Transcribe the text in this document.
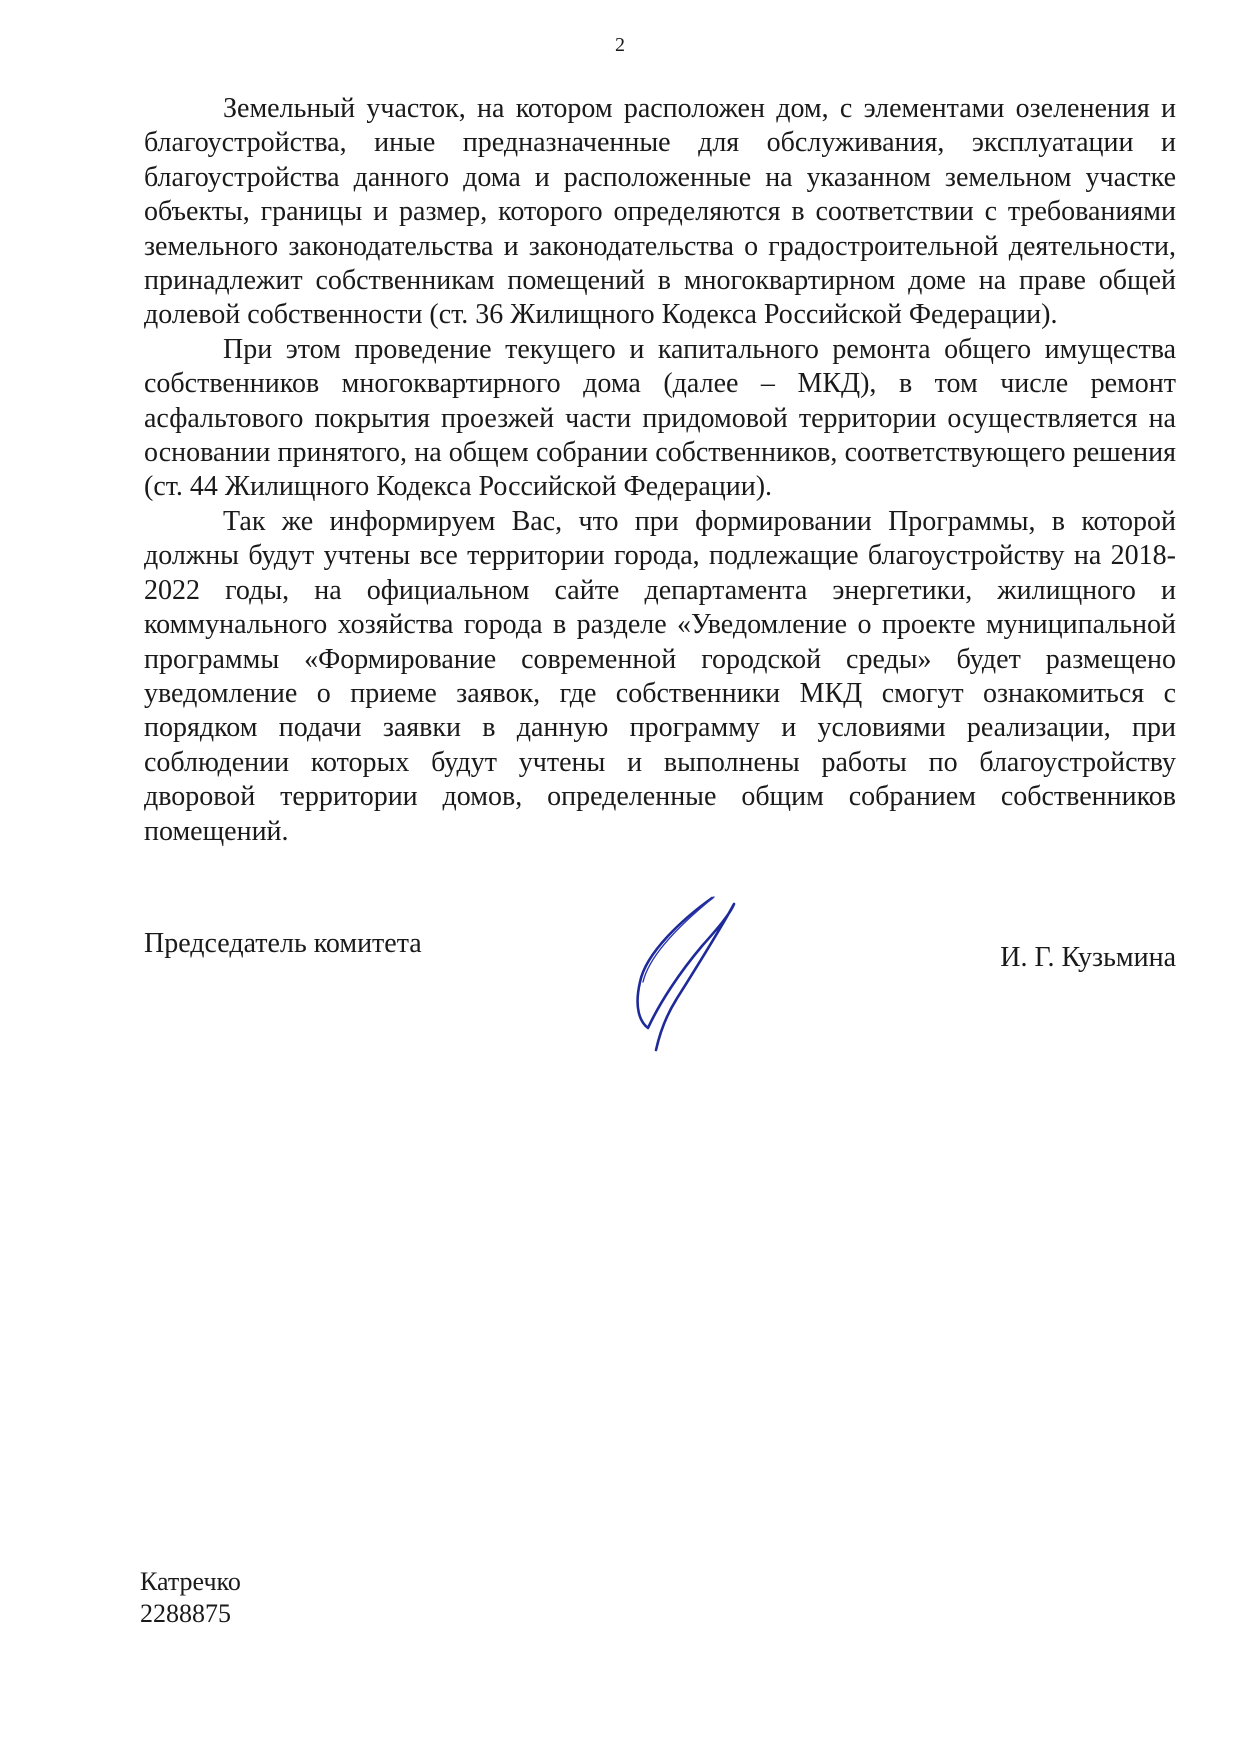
2

Земельный участок, на котором расположен дом, с элементами озеленения и благоустройства, иные предназначенные для обслуживания, эксплуатации и благоустройства данного дома и расположенные на указанном земельном участке объекты, границы и размер, которого определяются в соответствии с требованиями земельного законодательства и законодательства о градостроительной деятельности, принадлежит собственникам помещений в многоквартирном доме на праве общей долевой собственности (ст. 36 Жилищного Кодекса Российской Федерации).

При этом проведение текущего и капитального ремонта общего имущества собственников многоквартирного дома (далее – МКД), в том числе ремонт асфальтового покрытия проезжей части придомовой территории осуществляется на основании принятого, на общем собрании собственников, соответствующего решения (ст. 44 Жилищного Кодекса Российской Федерации).

Так же информируем Вас, что при формировании Программы, в которой должны будут учтены все территории города, подлежащие благоустройству на 2018-2022 годы, на официальном сайте департамента энергетики, жилищного и коммунального хозяйства города в разделе «Уведомление о проекте муниципальной программы «Формирование современной городской среды» будет размещено уведомление о приеме заявок, где собственники МКД смогут ознакомиться с порядком подачи заявки в данную программу и условиями реализации, при соблюдении которых будут учтены и выполнены работы по благоустройству дворовой территории домов, определенные общим собранием собственников помещений.

Председатель комитета	И. Г. Кузьмина
Катречко
2288875
